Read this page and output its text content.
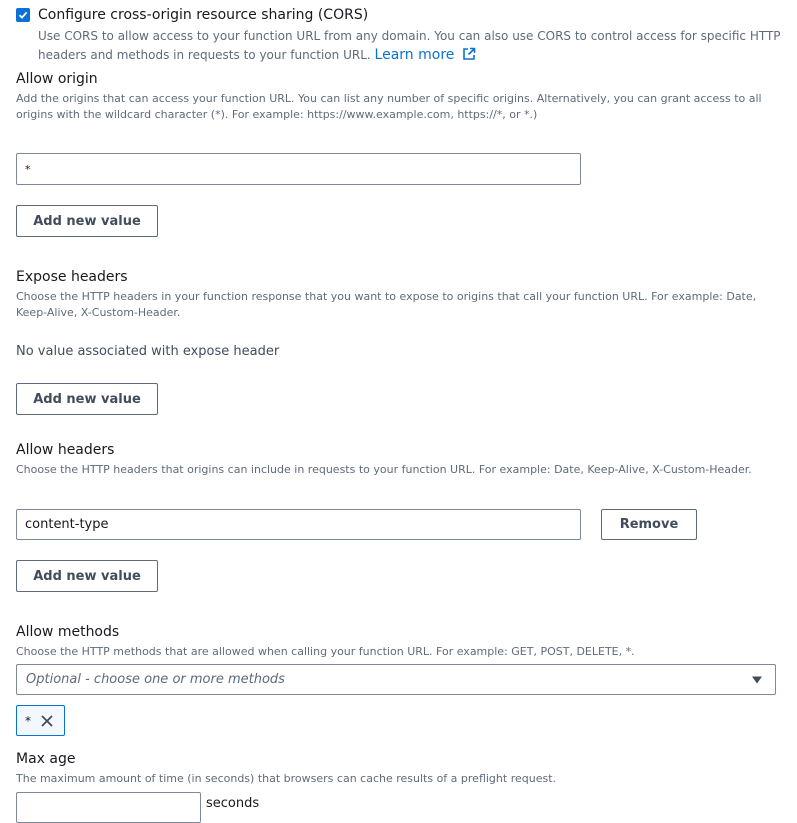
Configure cross-origin resource sharing (CORS)
Use CORS to allow access to your function URL from any domain. You can also use CORS to control access for specific HTTP headers and methods in requests to your function URL. Learn more
Allow origin
Add the origins that can access your function URL. You can list any number of specific origins. Alternatively, you can grant access to all origins with the wildcard character (*). For example: https://www.example.com, https://*, or *.)
*
Add new value
Expose headers
Choose the HTTP headers in your function response that you want to expose to origins that call your function URL. For example: Date, Keep-Alive, X-Custom-Header.
No value associated with expose header
Add new value
Allow headers
Choose the HTTP headers that origins can include in requests to your function URL. For example: Date, Keep-Alive, X-Custom-Header.
content-type	Remove
Add new value
Allow methods
Choose the HTTP methods that are allowed when calling your function URL. For example: GET, POST, DELETE, *.
Optional - choose one or more methods
*
Max age
The maximum amount of time (in seconds) that browsers can cache results of a preflight request.
seconds
